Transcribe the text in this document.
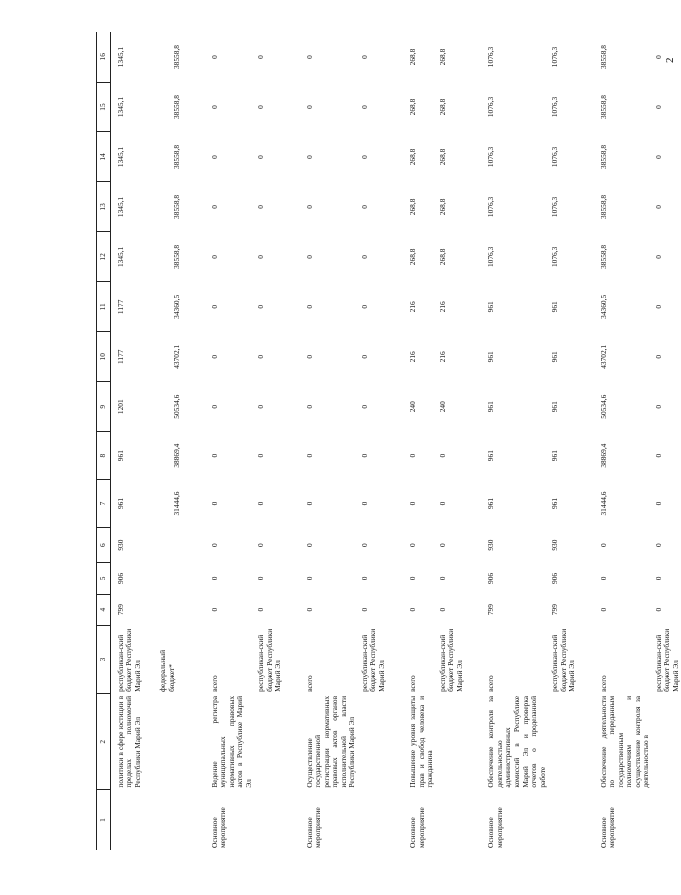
2
1	2	3	4	5	6	7	8	9	10	11	12	13	14	15	16
	политики в сфере юстиции в пределах полномочий Республики Марий Эл	республикан-ский бюджет Республики Марий Эл	799	906	930	961	961	1201	1177	1177	1345,1	1345,1	1345,1	1345,1	1345,1
		федеральный бюджет*				31444,6	38869,4	50534,6	43702,1	34360,5	38558,8	38558,8	38558,8	38558,8	38558,8

Основное мероприятие	Ведение регистра муниципальных нормативных правовых актов в Республике Марий Эл	всего	0	0	0	0	0	0	0	0	0	0	0	0	0
		республикан-ский бюджет Республики Марий Эл	0	0	0	0	0	0	0	0	0	0	0	0	0

Основное мероприятие	Осуществление государственной регистрации нормативных правовых актов органов исполнительной власти Республики Марий Эл	всего	0	0	0	0	0	0	0	0	0	0	0	0	0
		республикан-ский бюджет Республики Марий Эл	0	0	0	0	0	0	0	0	0	0	0	0	0

Основное мероприятие	Повышение уровня защиты прав и свобод человека и гражданина	всего	0	0	0	0	0	240	216	216	268,8	268,8	268,8	268,8	268,8
		республикан-ский бюджет Республики Марий Эл	0	0	0	0	0	240	216	216	268,8	268,8	268,8	268,8	268,8

Основное мероприятие	Обеспечение контроля за деятельностью административных комиссий в Республике Марий Эл и проверка отчетов о проделанной работе	всего	799	906	930	961	961	961	961	961	1076,3	1076,3	1076,3	1076,3	1076,3
		республикан-ский бюджет Республики Марий Эл	799	906	930	961	961	961	961	961	1076,3	1076,3	1076,3	1076,3	1076,3

Основное мероприятие	Обеспечение деятельности по переданным государственным полномочиям и осуществление контроля за деятельностью в	всего	0	0	0	31444,6	38869,4	50534,6	43702,1	34360,5	38558,8	38558,8	38558,8	38558,8	38558,8
		республикан-ский бюджет Республики Марий Эл	0	0	0	0	0	0	0	0	0	0	0	0	0
